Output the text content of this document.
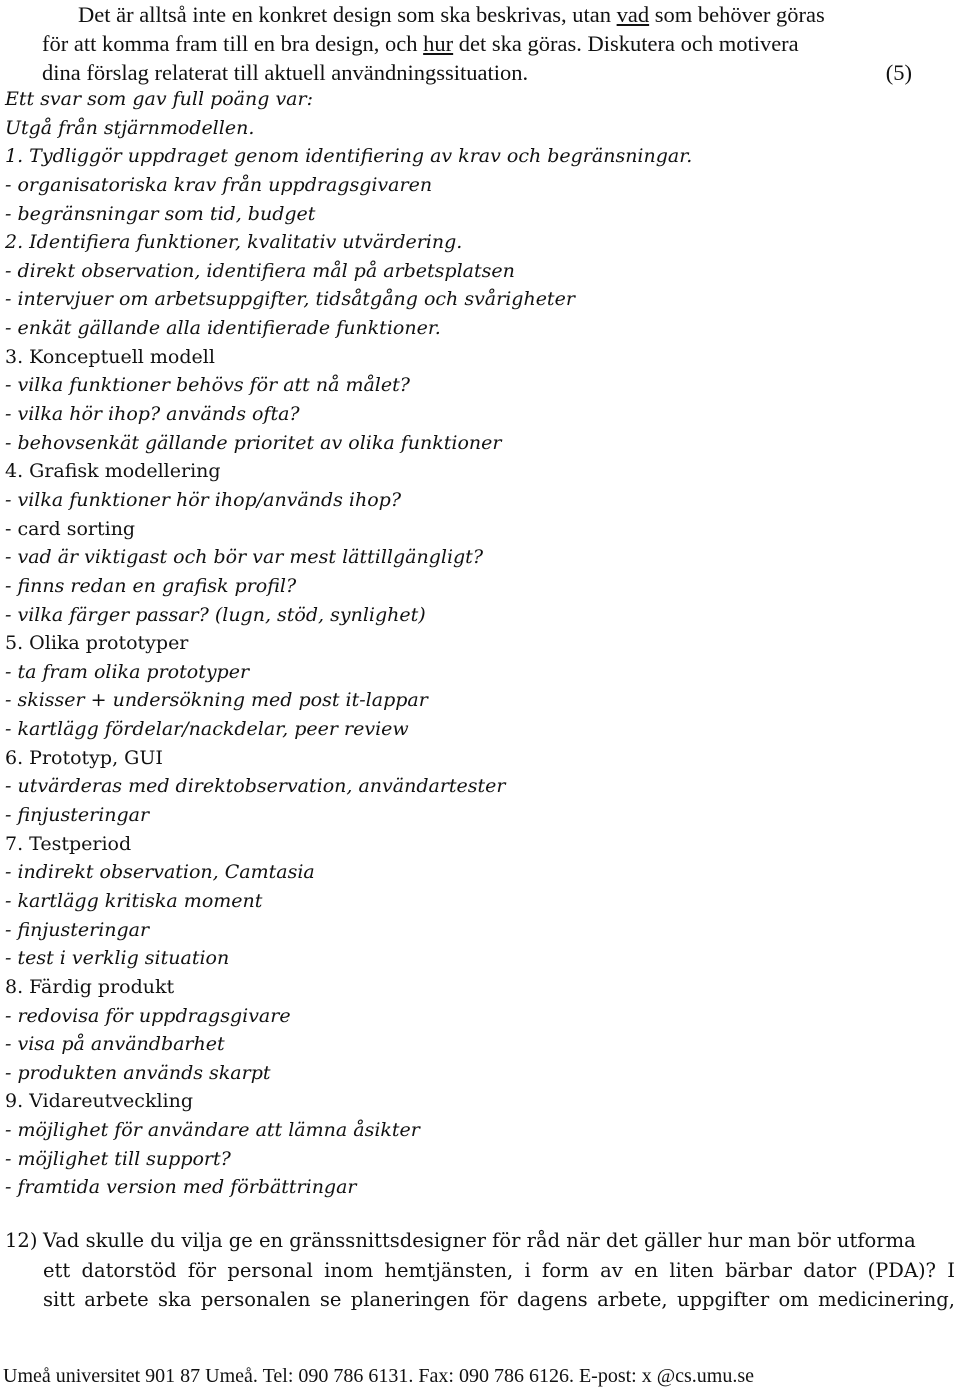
Det är alltså inte en konkret design som ska beskrivas, utan vad som behöver göras
för att komma fram till en bra design, och hur det ska göras. Diskutera och motivera
dina förslag relaterat till aktuell användningssituation.	(5)
Ett svar som gav full poäng var:
Utgå från stjärnmodellen.
1. Tydliggör uppdraget genom identifiering av krav och begränsningar.
- organisatoriska krav från uppdragsgivaren
- begränsningar som tid, budget
2. Identifiera funktioner, kvalitativ utvärdering.
- direkt observation, identifiera mål på arbetsplatsen
- intervjuer om arbetsuppgifter, tidsåtgång och svårigheter
- enkät gällande alla identifierade funktioner.
3. Konceptuell modell
- vilka funktioner behövs för att nå målet?
- vilka hör ihop? används ofta?
- behovsenkät gällande prioritet av olika funktioner
4. Grafisk modellering
- vilka funktioner hör ihop/används ihop?
- card sorting
- vad är viktigast och bör var mest lättillgängligt?
- finns redan en grafisk profil?
- vilka färger passar? (lugn, stöd, synlighet)
5. Olika prototyper
- ta fram olika prototyper
- skisser + undersökning med post it-lappar
- kartlägg fördelar/nackdelar, peer review
6. Prototyp, GUI
- utvärderas med direktobservation, användartester
- finjusteringar
7. Testperiod
- indirekt observation, Camtasia
- kartlägg kritiska moment
- finjusteringar
- test i verklig situation
8. Färdig produkt
- redovisa för uppdragsgivare
- visa på användbarhet
- produkten används skarpt
9. Vidareutveckling
- möjlighet för användare att lämna åsikter
- möjlighet till support?
- framtida version med förbättringar
12) Vad skulle du vilja ge en gränssnittsdesigner för råd när det gäller hur man bör utforma
ett datorstöd för personal inom hemtjänsten, i form av en liten bärbar dator (PDA)? I
sitt arbete ska personalen se planeringen för dagens arbete, uppgifter om medicinering,
Umeå universitet 901 87 Umeå. Tel: 090 786 6131. Fax: 090 786 6126. E-post: x @cs.umu.se
